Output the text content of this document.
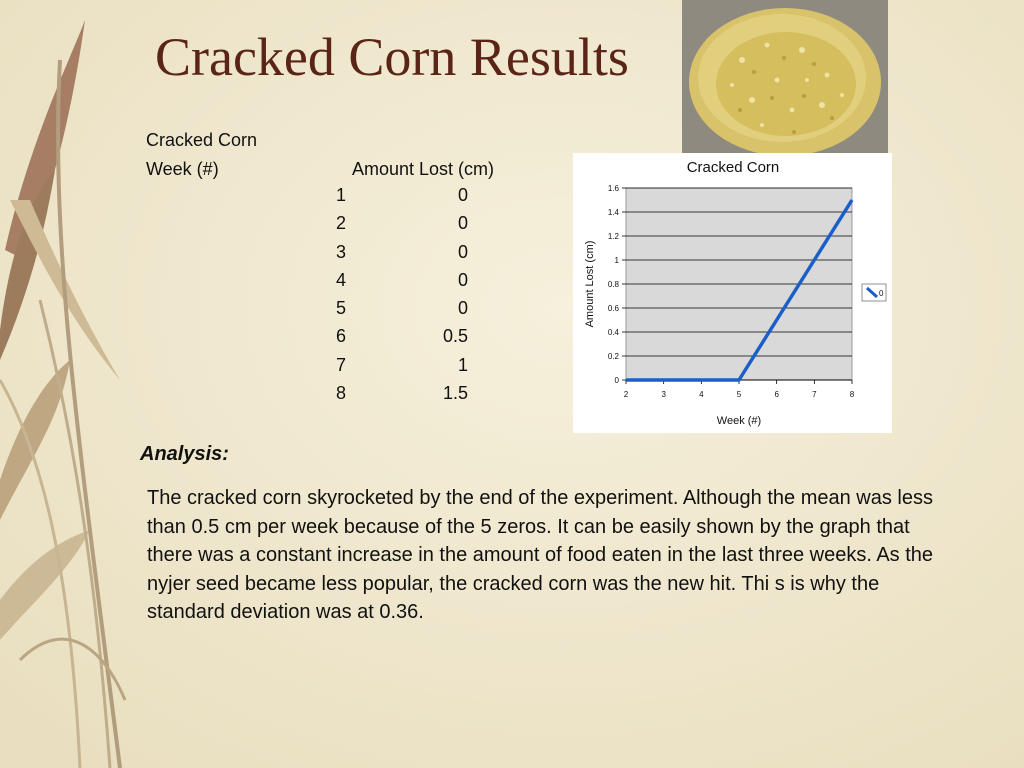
Cracked Corn Results
Cracked Corn
Week (#)	Amount Lost (cm)
1	0
2	0
3	0
4	0
5	0
6	0.5
7	1
8	1.5
Cracked Corn
0
0.2
0.4
0.6
0.8
1
1.2
1.4
1.6
2	3	4	5	6	7	8
Week (#)
Amount Lost (cm)	0
Analysis:

The cracked corn skyrocketed by the end of the experiment. Although the mean was less than 0.5 cm per week because of the 5 zeros. It can be easily shown by the graph that there was a constant increase in the amount of food eaten in the last three weeks. As the nyjer seed became less popular, the cracked corn was the new hit. Thi s is why the standard deviation was at 0.36.
